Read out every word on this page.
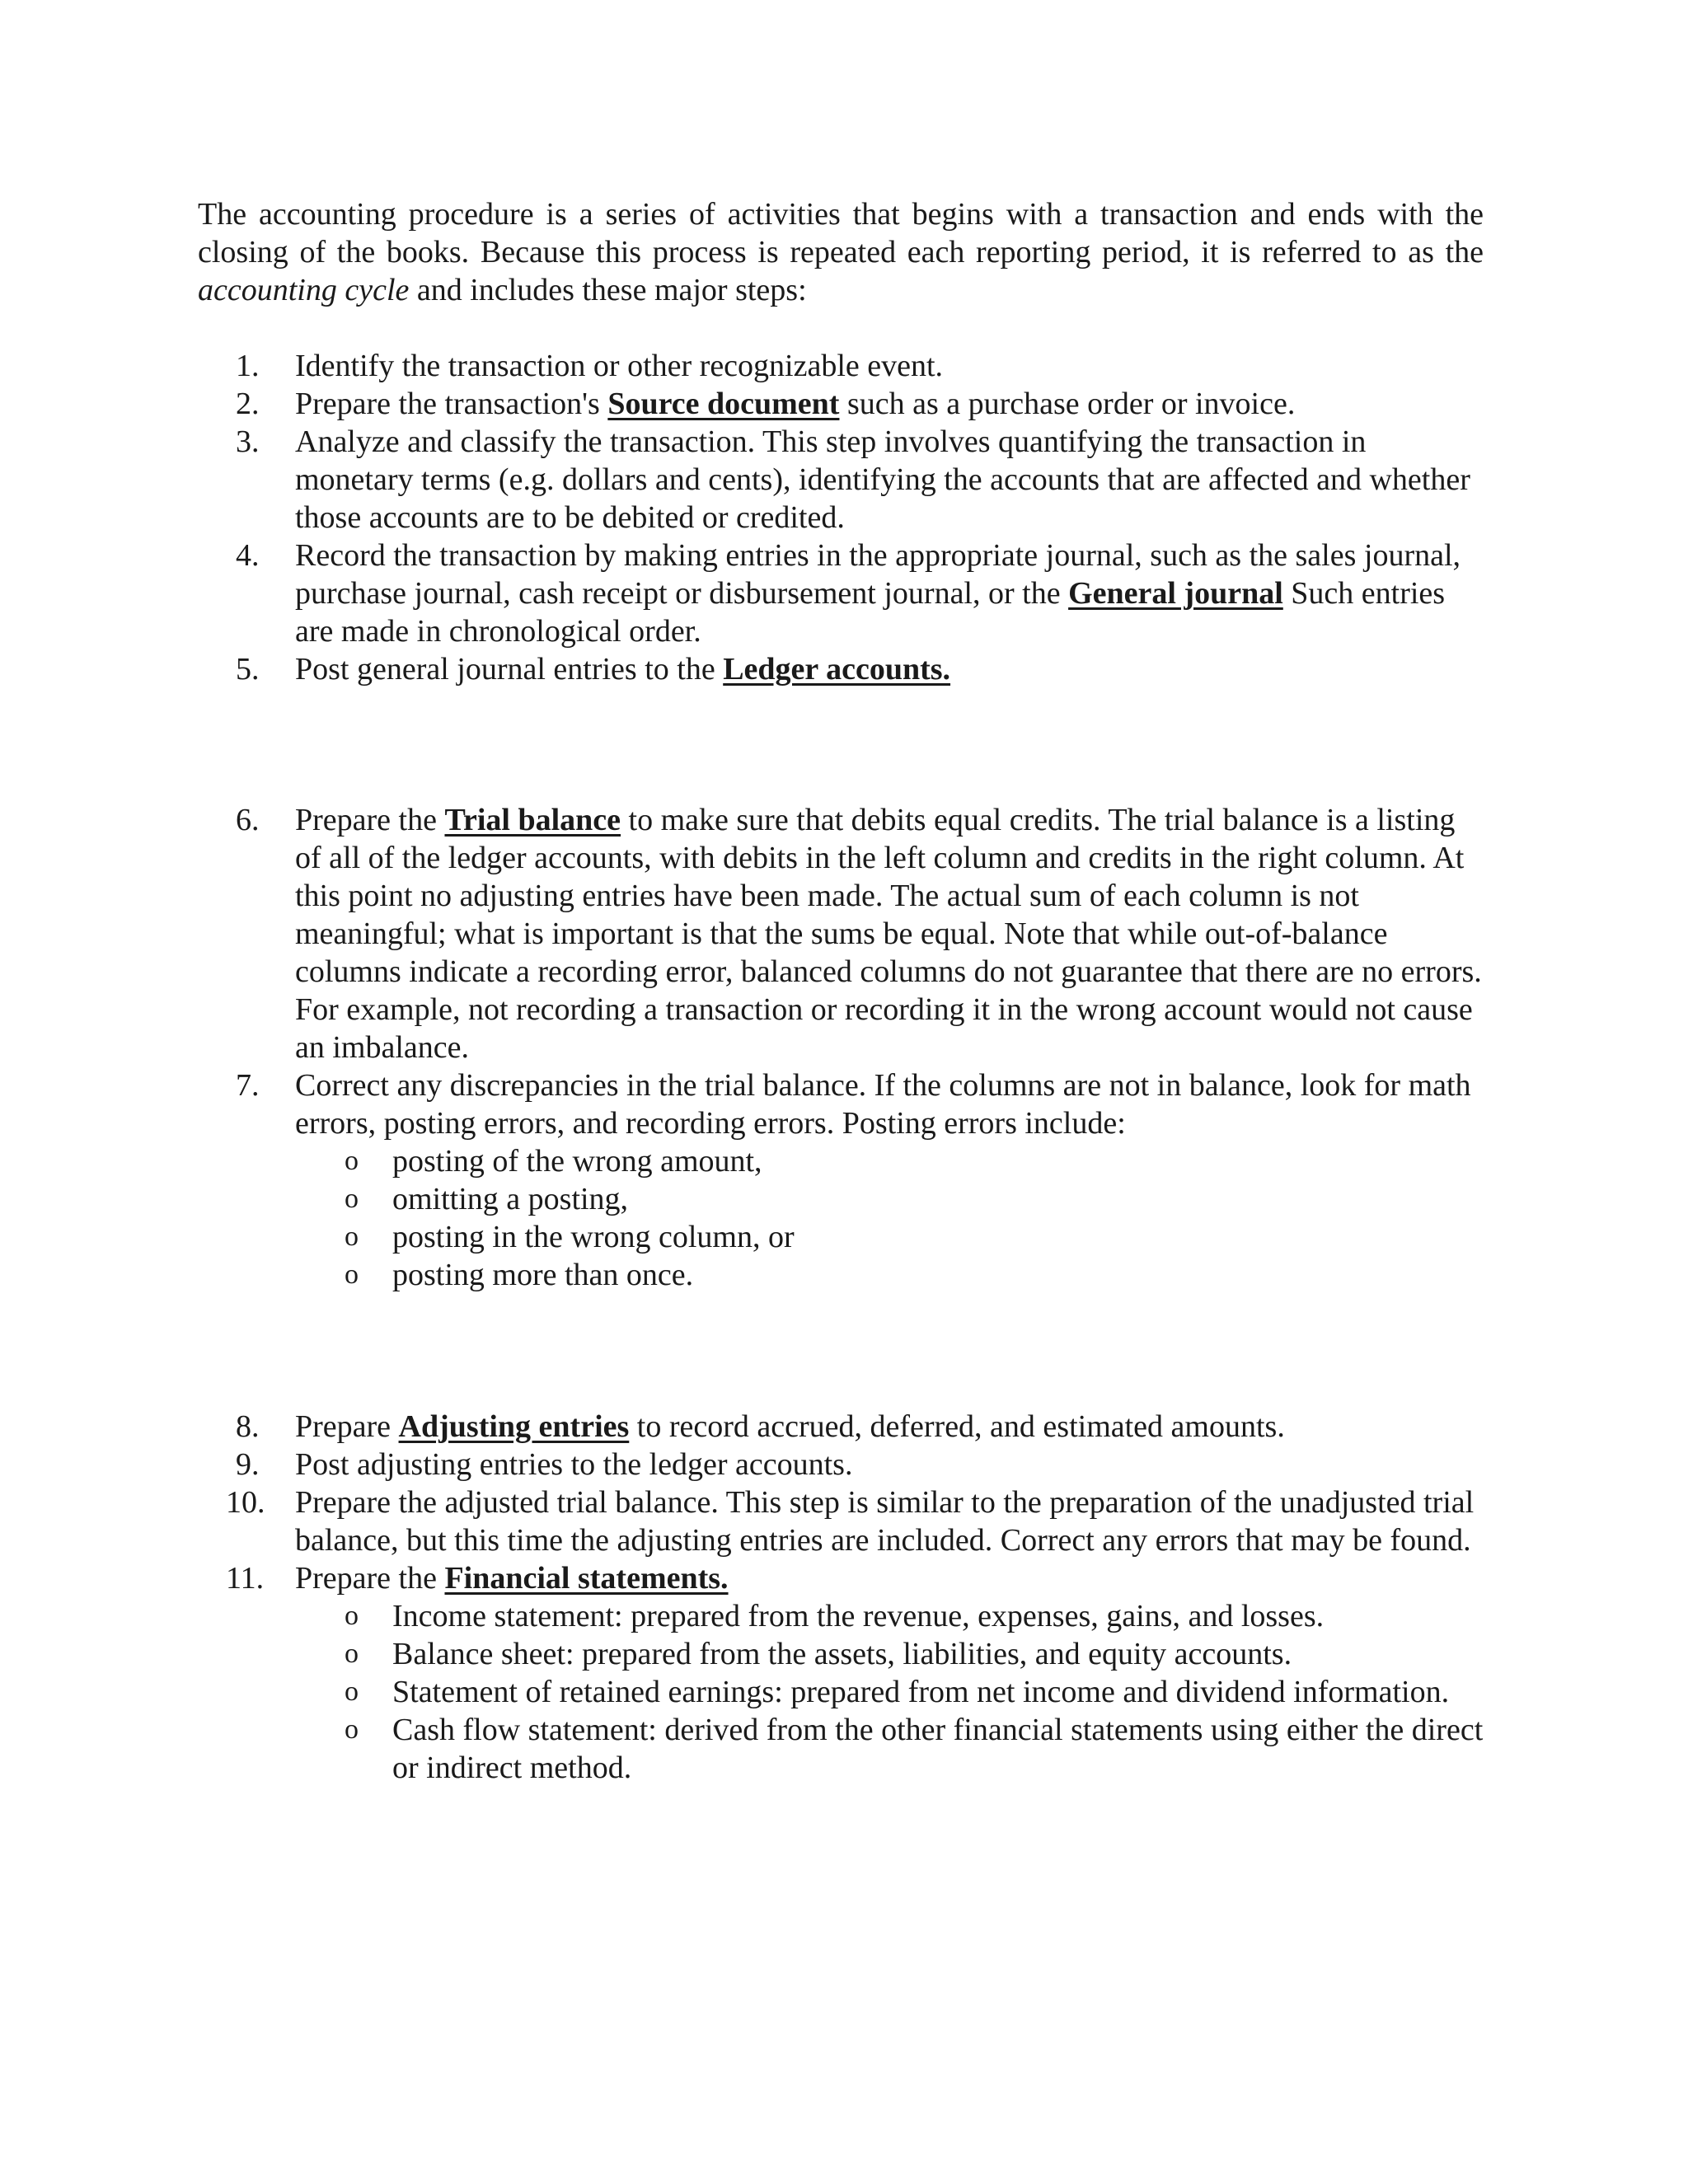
The accounting procedure is a series of activities that begins with a transaction and ends with the closing of the books. Because this process is repeated each reporting period, it is referred to as the accounting cycle and includes these major steps:

1.	Identify the transaction or other recognizable event.
2.	Prepare the transaction's Source document such as a purchase order or invoice.
3.	Analyze and classify the transaction. This step involves quantifying the transaction in monetary terms (e.g. dollars and cents), identifying the accounts that are affected and whether those accounts are to be debited or credited.
4.	Record the transaction by making entries in the appropriate journal, such as the sales journal, purchase journal, cash receipt or disbursement journal, or the General journal Such entries are made in chronological order.
5.	Post general journal entries to the Ledger accounts.
6.	Prepare the Trial balance to make sure that debits equal credits. The trial balance is a listing of all of the ledger accounts, with debits in the left column and credits in the right column. At this point no adjusting entries have been made. The actual sum of each column is not meaningful; what is important is that the sums be equal. Note that while out-of-balance columns indicate a recording error, balanced columns do not guarantee that there are no errors. For example, not recording a transaction or recording it in the wrong account would not cause an imbalance.
7.	Correct any discrepancies in the trial balance. If the columns are not in balance, look for math errors, posting errors, and recording errors. Posting errors include:
o posting of the wrong amount,
o omitting a posting,
o posting in the wrong column, or
o posting more than once.
8.	Prepare Adjusting entries to record accrued, deferred, and estimated amounts.
9.	Post adjusting entries to the ledger accounts.
10. Prepare the adjusted trial balance. This step is similar to the preparation of the unadjusted trial balance, but this time the adjusting entries are included. Correct any errors that may be found.
11. Prepare the Financial statements.
o Income statement: prepared from the revenue, expenses, gains, and losses.
o Balance sheet: prepared from the assets, liabilities, and equity accounts.
o Statement of retained earnings: prepared from net income and dividend information.
o Cash flow statement: derived from the other financial statements using either the direct or indirect method.
